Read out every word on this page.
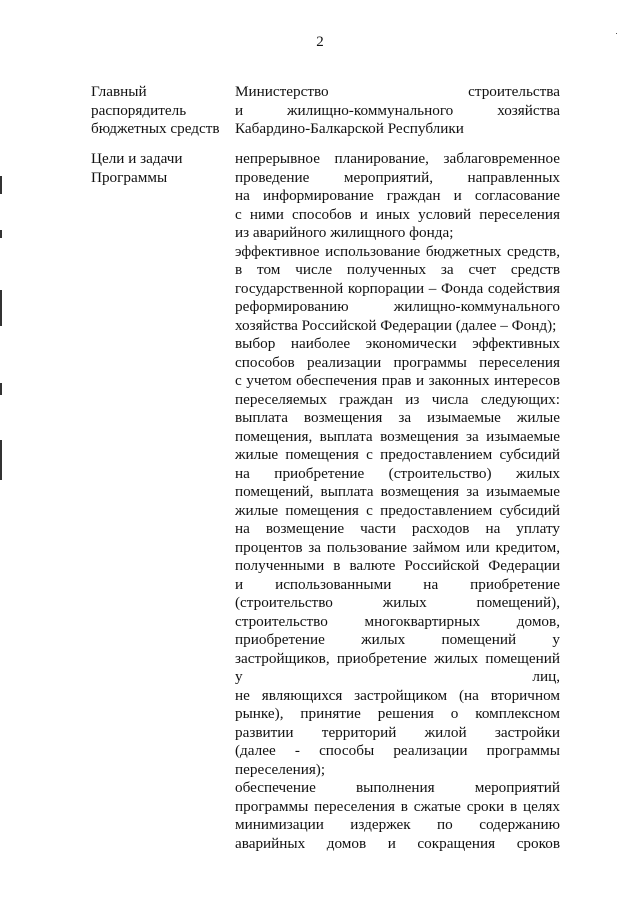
2
Главный
распорядитель
бюджетных средств
Министерство строительства
и жилищно-коммунального хозяйства
Кабардино-Балкарской Республики
Цели и задачи
Программы
непрерывное планирование, заблаговременное
проведение мероприятий, направленных
на информирование граждан и согласование
с ними способов и иных условий переселения
из аварийного жилищного фонда;
эффективное использование бюджетных средств,
в том числе полученных за счет средств
государственной корпорации – Фонда содействия
реформированию жилищно-коммунального
хозяйства Российской Федерации (далее – Фонд);
выбор наиболее экономически эффективных
способов реализации программы переселения
с учетом обеспечения прав и законных интересов
переселяемых граждан из числа следующих:
выплата возмещения за изымаемые жилые
помещения, выплата возмещения за изымаемые
жилые помещения с предоставлением субсидий
на приобретение (строительство) жилых
помещений, выплата возмещения за изымаемые
жилые помещения с предоставлением субсидий
на возмещение части расходов на уплату
процентов за пользование займом или кредитом,
полученными в валюте Российской Федерации
и использованными на приобретение
(строительство жилых помещений),
строительство многоквартирных домов,
приобретение жилых помещений у
застройщиков, приобретение жилых помещений
у лиц,
не являющихся застройщиком (на вторичном
рынке), принятие решения о комплексном
развитии территорий жилой застройки
(далее - способы реализации программы
переселения);
обеспечение выполнения мероприятий
программы переселения в сжатые сроки в целях
минимизации издержек по содержанию
аварийных домов и сокращения сроков
